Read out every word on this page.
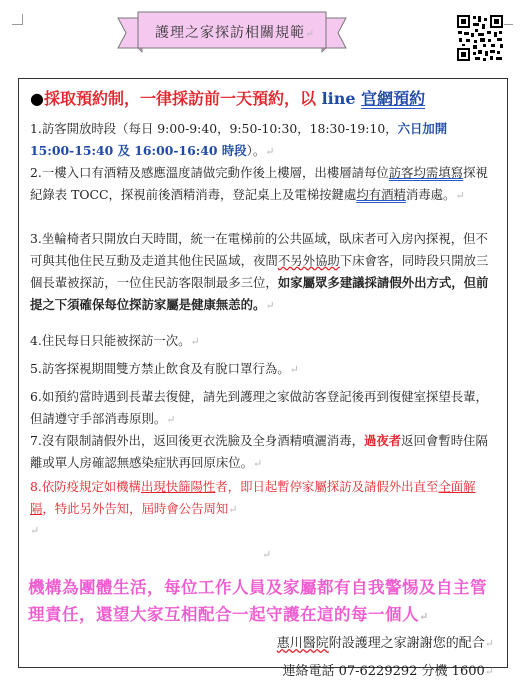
護理之家探訪相關規範↵
●採取預約制，一律採訪前一天預約，以 line 官網預約
1.訪客開放時段（每日 9:00-9:40，9:50-10:30，18:30-19:10，六日加開 15:00-15:40 及 16:00-16:40 時段）。↵
2.一樓入口有酒精及感應溫度請做完動作後上樓層，出樓層請每位訪客均需填寫探視紀錄表 TOCC，探視前後酒精消毒，登記桌上及電梯按鍵處均有酒精消毒處。↵
3.坐輪椅者只開放白天時間，統一在電梯前的公共區域，臥床者可入房內探視，但不可與其他住民互動及走道其他住民區域，夜間不另外協助下床會客，同時段只開放三個長輩被探訪，一位住民訪客限制最多三位，如家屬眾多建議採請假外出方式，但前提之下須確保每位探訪家屬是健康無恙的。↵
4.住民每日只能被探訪一次。↵
5.訪客探視期間雙方禁止飲食及有脫口罩行為。↵
6.如預約當時遇到長輩去復健，請先到護理之家做訪客登記後再到復健室探望長輩，但請遵守手部消毒原則。↵
7.沒有限制請假外出，返回後更衣洗臉及全身酒精噴灑消毒，過夜者返回會暫時住隔離或單人房確認無感染症狀再回原床位。↵
8.依防疫規定如機構出現快篩陽性者，即日起暫停家屬探訪及請假外出直至全面解隔，特此另外告知，屆時會公告周知↵
↵
↵
機構為團體生活，每位工作人員及家屬都有自我警惕及自主管理責任，還望大家互相配合一起守護在這的每一個人↵
惠川醫院附設護理之家謝謝您的配合↵
連絡電話 07-6229292 分機 1600↵
